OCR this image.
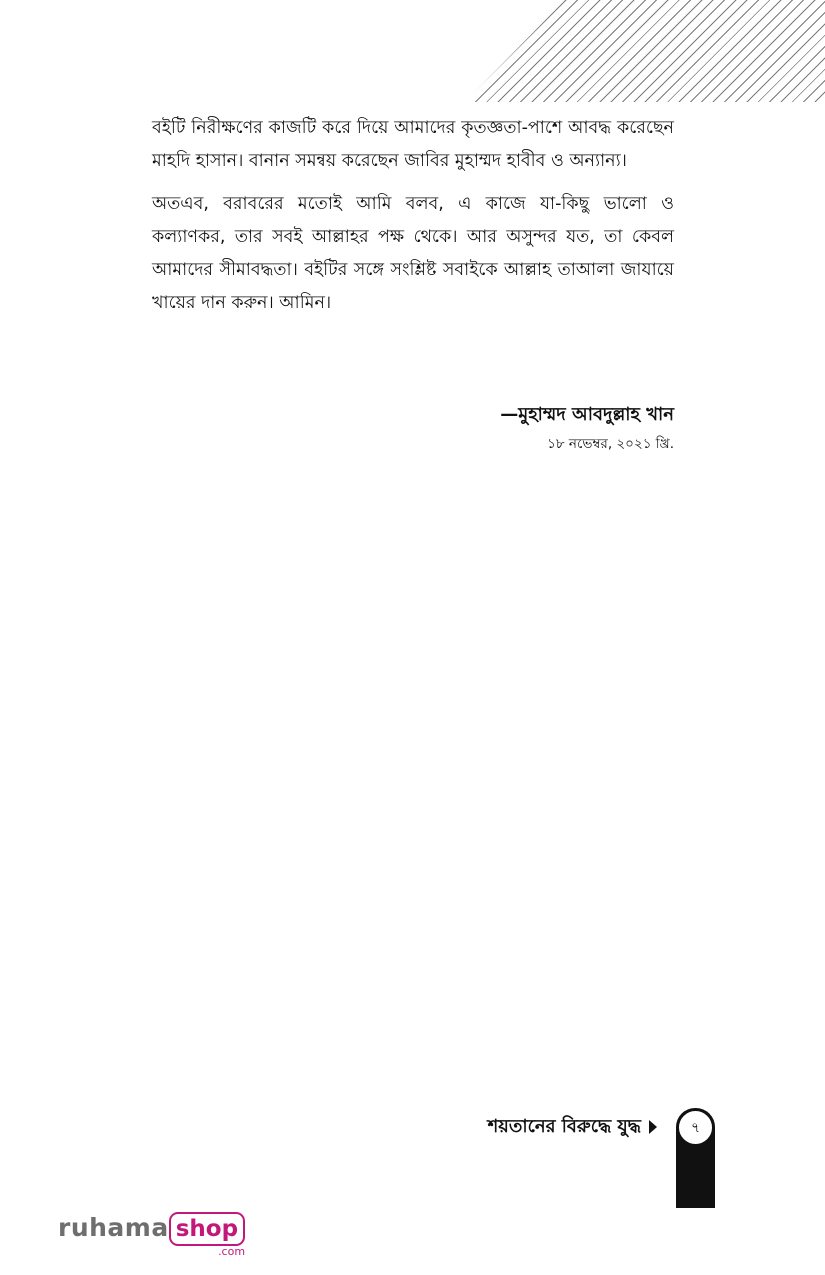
বইটি নিরীক্ষণের কাজটি করে দিয়ে আমাদের কৃতজ্ঞতা-পাশে আবদ্ধ করেছেন মাহদি হাসান। বানান সমন্বয় করেছেন জাবির মুহাম্মদ হাবীব ও অন্যান্য।

অতএব, বরাবরের মতোই আমি বলব, এ কাজে যা-কিছু ভালো ও কল্যাণকর, তার সবই আল্লাহর পক্ষ থেকে। আর অসুন্দর যত, তা কেবল আমাদের সীমাবদ্ধতা। বইটির সঙ্গে সংশ্লিষ্ট সবাইকে আল্লাহ তাআলা জাযায়ে খায়ের দান করুন। আমিন।

—মুহাম্মদ আবদুল্লাহ খান
১৮ নভেম্বর, ২০২১ খ্রি.
শয়তানের বিরুদ্ধে যুদ্ধ	৭
ruhama shop
.com
